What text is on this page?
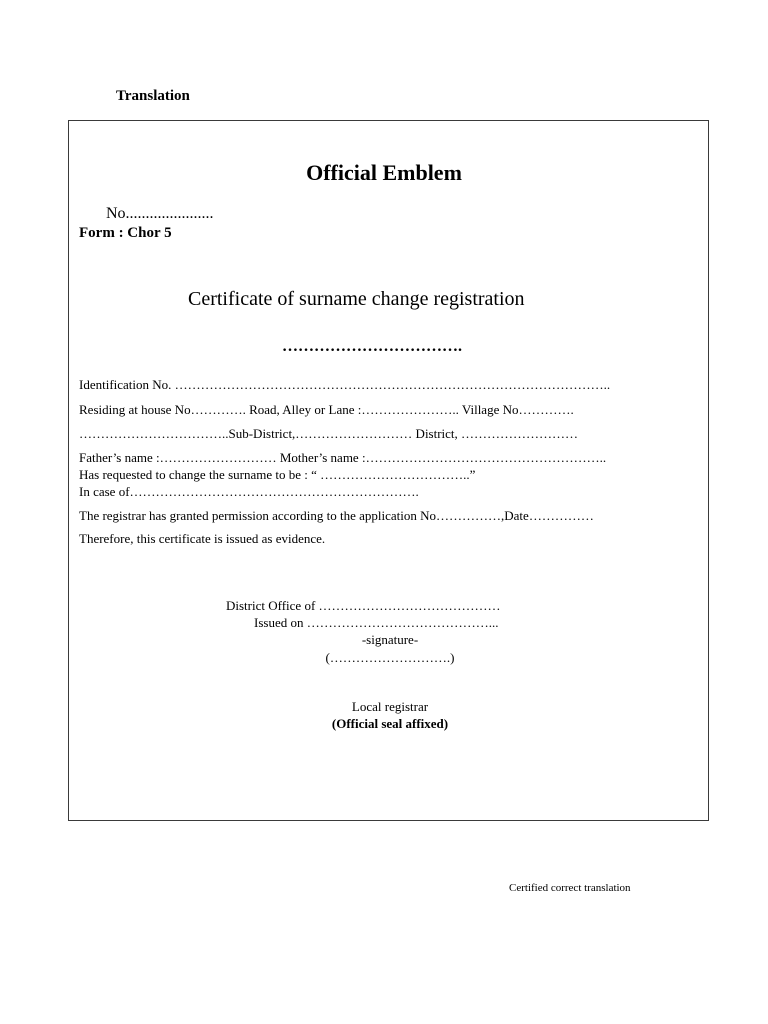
Translation
Official Emblem
No......................
Form : Chor 5
Certificate of surname change registration
…………………………….
Identification No. ………………………………………………………………………………………..
Residing at house No…………. Road, Alley or Lane :………………….. Village No………….
……………………………..Sub-District,……………………… District, ………………………
Father’s name :……………………… Mother’s name :………………………………………………..
Has requested to change the surname to be : “ ……………………………..”
In case of………………………………………………………….
The registrar has granted permission according to the application No……………,Date……………
Therefore, this certificate is issued as evidence.
District Office of ……………………………………
Issued on ……………………………………...
-signature-
(……………………….)
Local registrar
(Official seal affixed)
Certified correct translation
